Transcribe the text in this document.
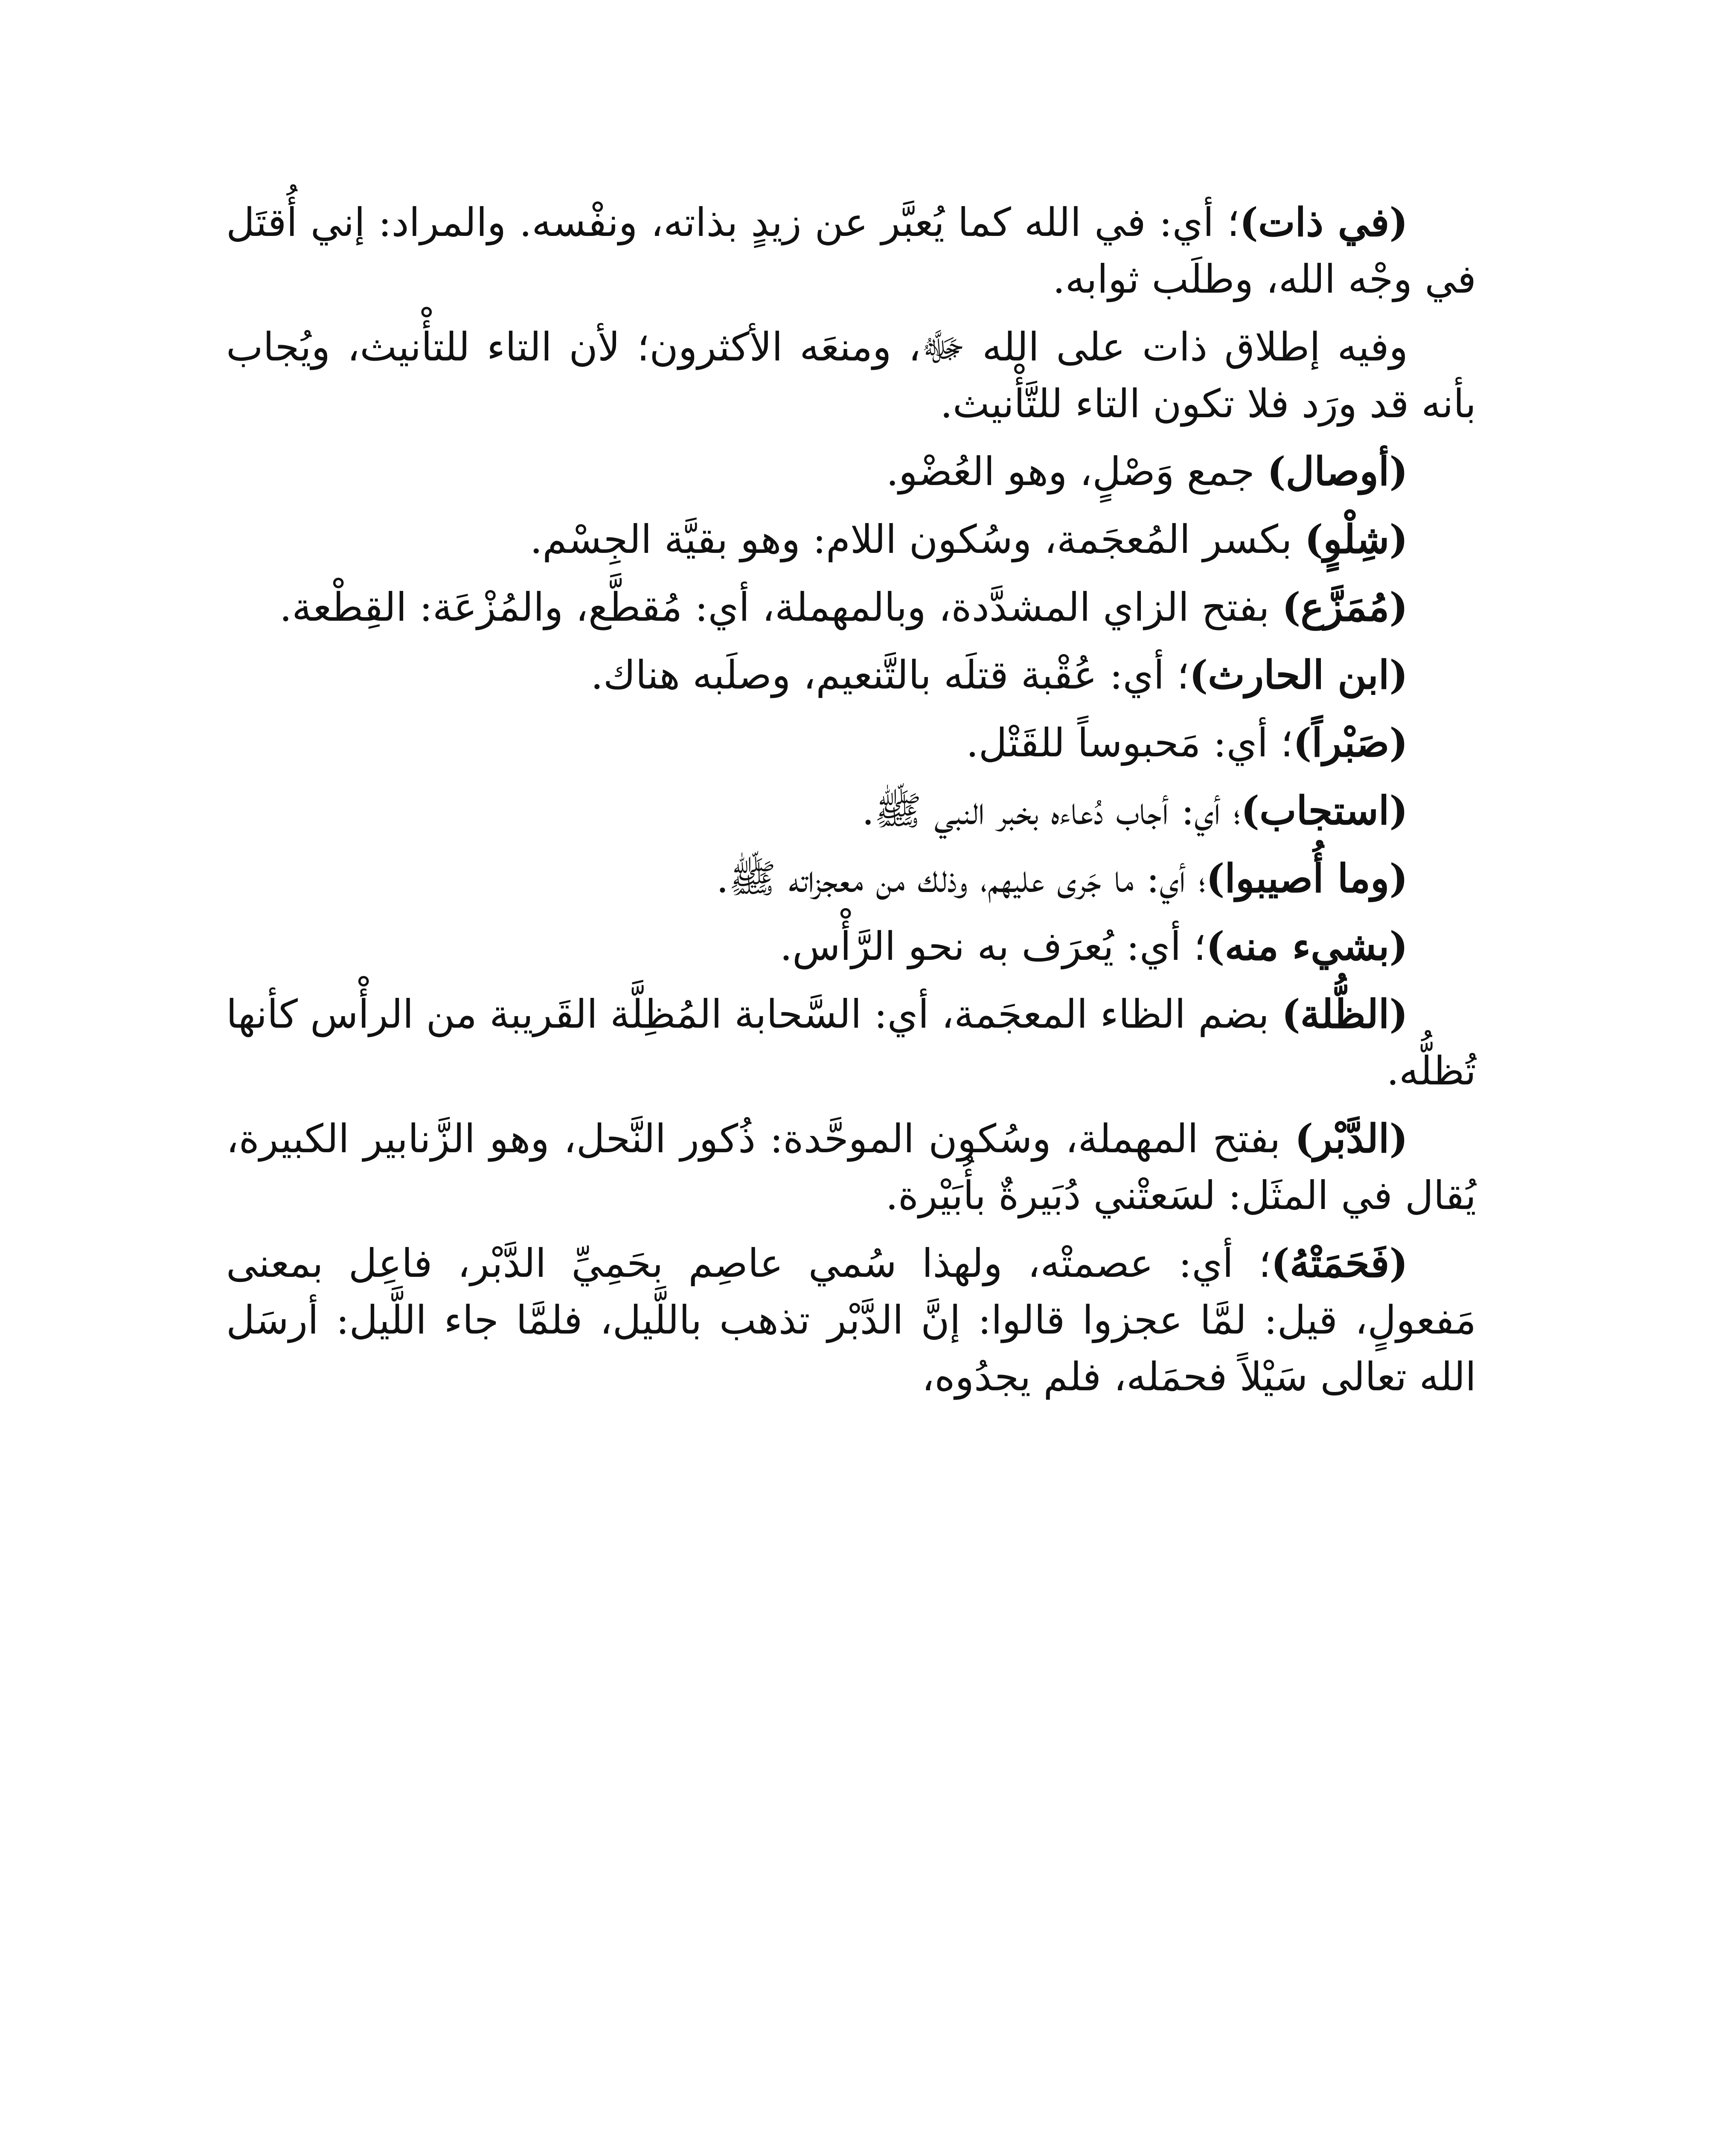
(في ذات)؛ أي: في الله كما يُعبَّر عن زيدٍ بذاته، ونفْسه. والمراد: إني أُقتَل في وجْه الله، وطلَب ثوابه.

وفيه إطلاق ذات على الله ﷻ، ومنعَه الأكثرون؛ لأن التاء للتأْنيث، ويُجاب بأنه قد ورَد فلا تكون التاء للتَّأْنيث.

(أوصال) جمع وَصْلٍ، وهو العُضْو.

(شِلْوٍ) بكسر المُعجَمة، وسُكون اللام: وهو بقيَّة الجِسْم.

(مُمَزَّع) بفتح الزاي المشدَّدة، وبالمهملة، أي: مُقطَّع، والمُزْعَة: القِطْعة.

(ابن الحارث)؛ أي: عُقْبة قتلَه بالتَّنعيم، وصلَبه هناك.

(صَبْراً)؛ أي: مَحبوساً للقَتْل.

(استجاب)؛ أي: أجاب دُعاءه بخبر النبي ﷺ.

(وما أُصيبوا)؛ أي: ما جَرى عليهم، وذلك من معجزاته ﷺ.

(بشيء منه)؛ أي: يُعرَف به نحو الرَّأْس.

(الظُّلة) بضم الظاء المعجَمة، أي: السَّحابة المُظِلَّة القَريبة من الرأْس كأنها تُظلُّه.

(الدَّبْر) بفتح المهملة، وسُكون الموحَّدة: ذُكور النَّحل، وهو الزَّنابير الكبيرة، يُقال في المثَل: لسَعتْني دُبَيرةٌ بأُبَيْرة.

(فَحَمَتْهُ)؛ أي: عصمتْه، ولهذا سُمي عاصِم بحَمِيِّ الدَّبْر، فاعِل بمعنى مَفعولٍ، قيل: لمَّا عجزوا قالوا: إنَّ الدَّبْر تذهب باللَّيل، فلمَّا جاء اللَّيل: أرسَل الله تعالى سَيْلاً فحمَله، فلم يجدُوه،
